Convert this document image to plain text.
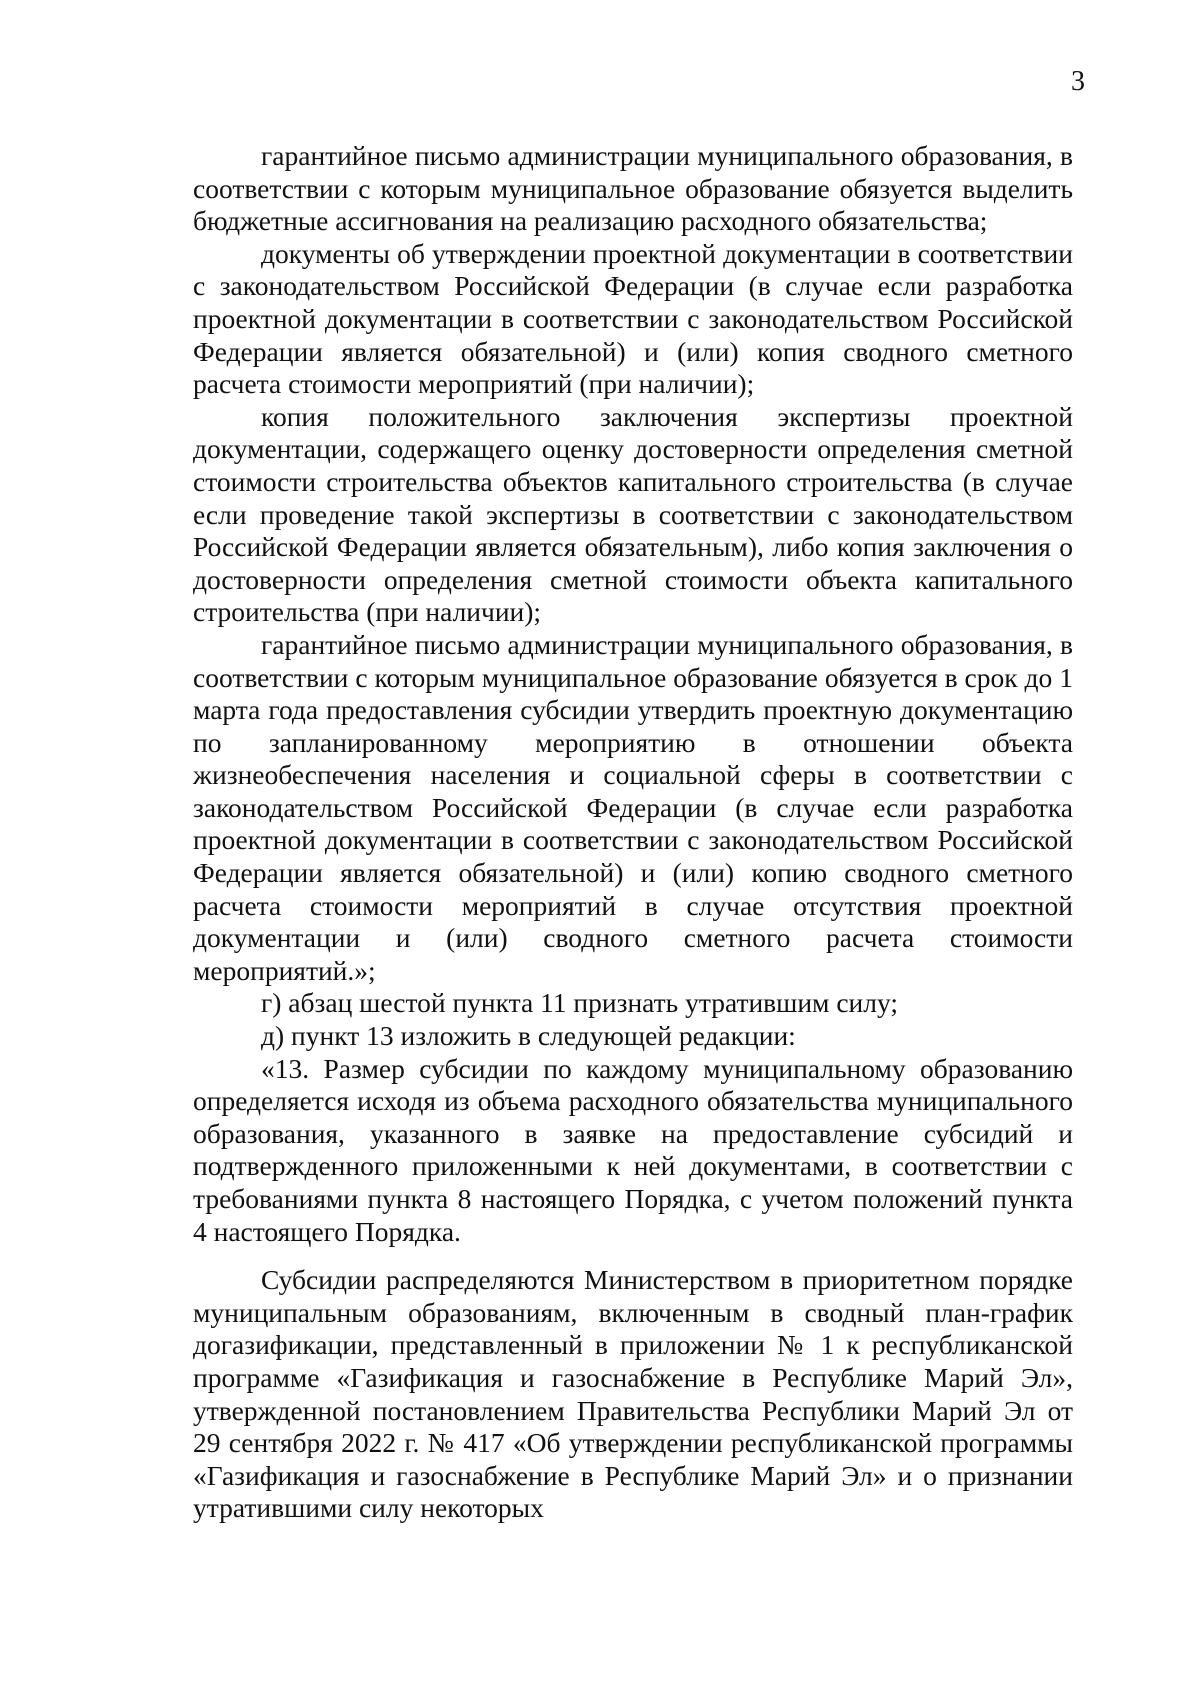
3

гарантийное письмо администрации муниципального образования, в соответствии с которым муниципальное образование обязуется выделить бюджетные ассигнования на реализацию расходного обязательства;

документы об утверждении проектной документации в соответствии с законодательством Российской Федерации (в случае если разработка проектной документации в соответствии с законодательством Российской Федерации является обязательной) и (или) копия сводного сметного расчета стоимости мероприятий (при наличии);

копия положительного заключения экспертизы проектной документации, содержащего оценку достоверности определения сметной стоимости строительства объектов капитального строительства (в случае если проведение такой экспертизы в соответствии с законодательством Российской Федерации является обязательным), либо копия заключения о достоверности определения сметной стоимости объекта капитального строительства (при наличии);

гарантийное письмо администрации муниципального образования, в соответствии с которым муниципальное образование обязуется в срок до 1 марта года предоставления субсидии утвердить проектную документацию по запланированному мероприятию в отношении объекта жизнеобеспечения населения и социальной сферы в соответствии с законодательством Российской Федерации (в случае если разработка проектной документации в соответствии с законодательством Российской Федерации является обязательной) и (или) копию сводного сметного расчета стоимости мероприятий в случае отсутствия проектной документации и (или) сводного сметного расчета стоимости мероприятий.»;

г) абзац шестой пункта 11 признать утратившим силу;

д) пункт 13 изложить в следующей редакции:

«13. Размер субсидии по каждому муниципальному образованию определяется исходя из объема расходного обязательства муниципального образования, указанного в заявке на предоставление субсидий и подтвержденного приложенными к ней документами, в соответствии с требованиями пункта 8 настоящего Порядка, с учетом положений пункта 4 настоящего Порядка.

Субсидии распределяются Министерством в приоритетном порядке муниципальным образованиям, включенным в сводный план-график догазификации, представленный в приложении № 1 к республиканской программе «Газификация и газоснабжение в Республике Марий Эл», утвержденной постановлением Правительства Республики Марий Эл от 29 сентября 2022 г. № 417 «Об утверждении республиканской программы «Газификация и газоснабжение в Республике Марий Эл» и о признании утратившими силу некоторых
